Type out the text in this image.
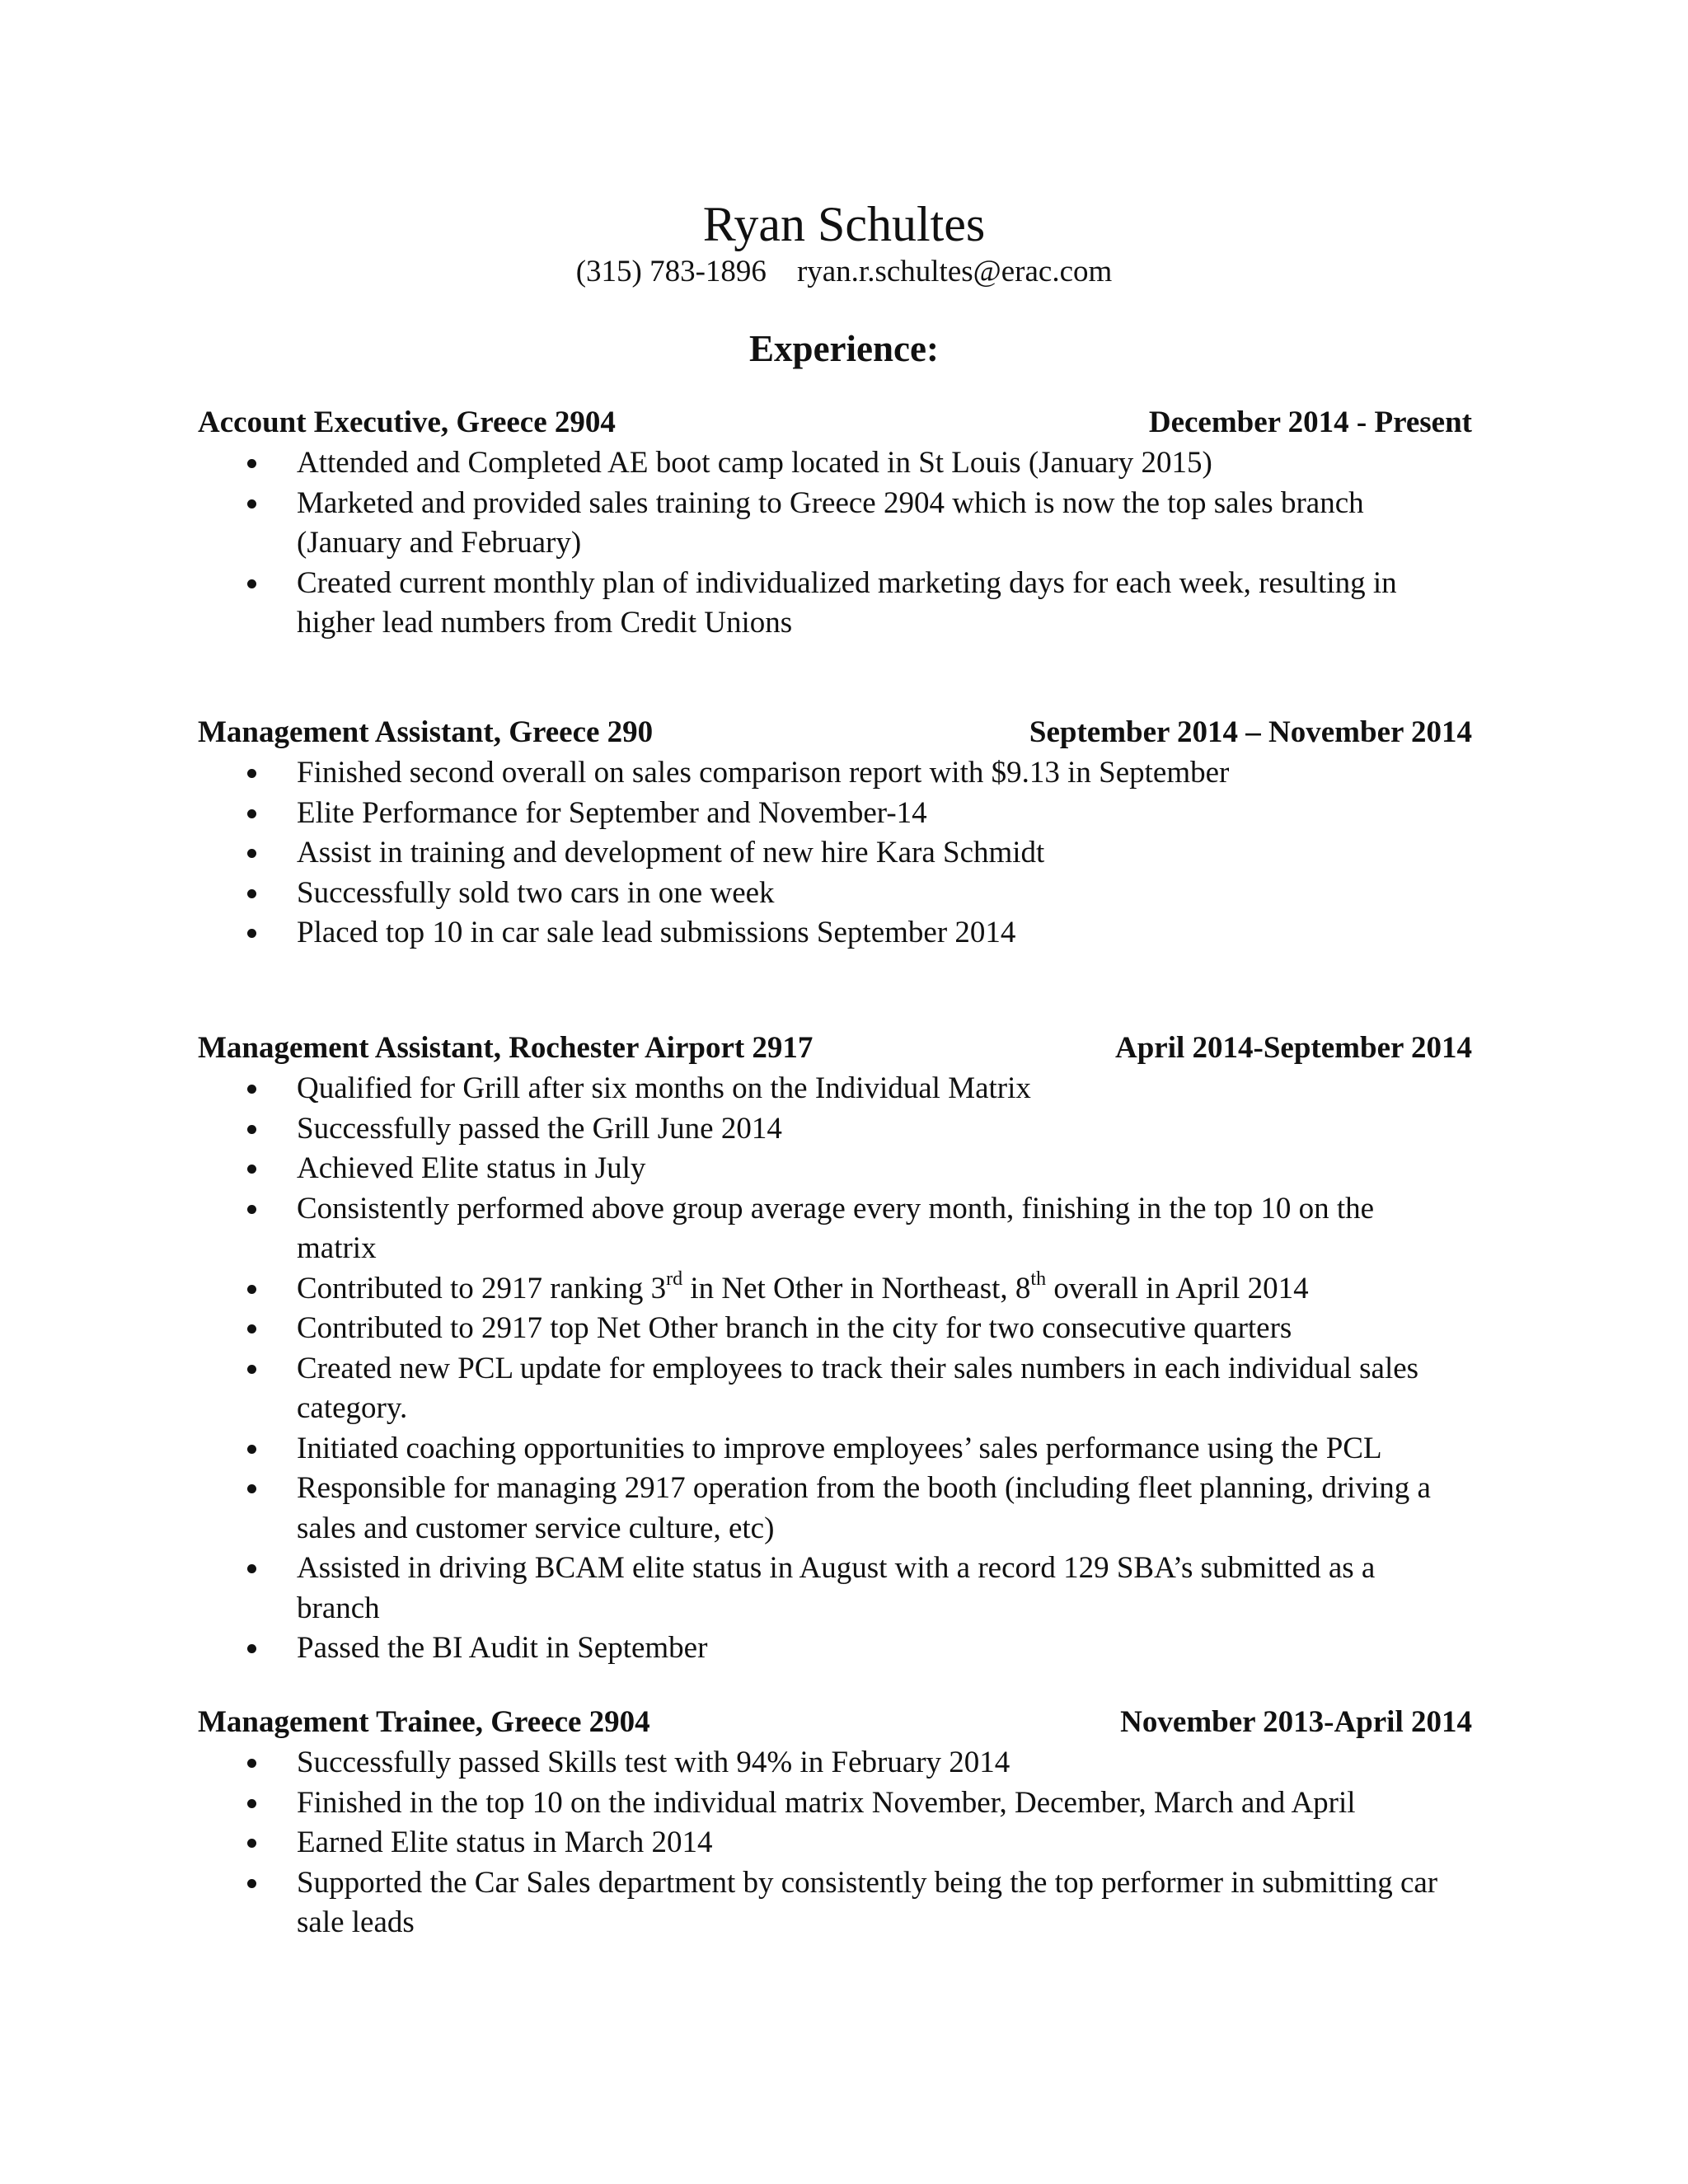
Ryan Schultes
(315) 783-1896 ryan.r.schultes@erac.com
Experience:
Account Executive, Greece 2904	December 2014 - Present
Attended and Completed AE boot camp located in St Louis (January 2015)
Marketed and provided sales training to Greece 2904 which is now the top sales branch (January and February)
Created current monthly plan of individualized marketing days for each week, resulting in higher lead numbers from Credit Unions
Management Assistant, Greece 290	September 2014 – November 2014
Finished second overall on sales comparison report with $9.13 in September
Elite Performance for September and November-14
Assist in training and development of new hire Kara Schmidt
Successfully sold two cars in one week
Placed top 10 in car sale lead submissions September 2014
Management Assistant, Rochester Airport 2917	April 2014-September 2014
Qualified for Grill after six months on the Individual Matrix
Successfully passed the Grill June 2014
Achieved Elite status in July
Consistently performed above group average every month, finishing in the top 10 on the matrix
Contributed to 2917 ranking 3rd in Net Other in Northeast, 8th overall in April 2014
Contributed to 2917 top Net Other branch in the city for two consecutive quarters
Created new PCL update for employees to track their sales numbers in each individual sales category.
Initiated coaching opportunities to improve employees’ sales performance using the PCL
Responsible for managing 2917 operation from the booth (including fleet planning, driving a sales and customer service culture, etc)
Assisted in driving BCAM elite status in August with a record 129 SBA’s submitted as a branch
Passed the BI Audit in September
Management Trainee, Greece 2904	November 2013-April 2014
Successfully passed Skills test with 94% in February 2014
Finished in the top 10 on the individual matrix November, December, March and April
Earned Elite status in March 2014
Supported the Car Sales department by consistently being the top performer in submitting car sale leads
